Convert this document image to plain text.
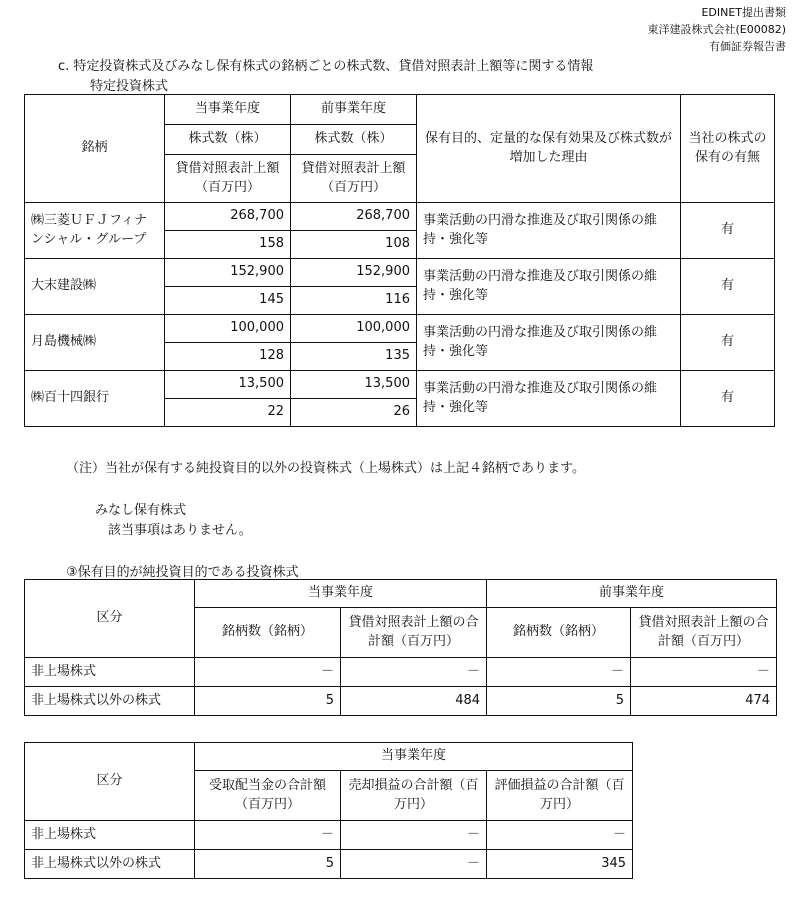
EDINET提出書類
東洋建設株式会社(E00082)
有価証券報告書
c. 特定投資株式及びみなし保有株式の銘柄ごとの株式数、貸借対照表計上額等に関する情報
特定投資株式
銘柄	当事業年度	前事業年度	保有目的、定量的な保有効果及び株式数が増加した理由	当社の株式の保有の有無
	株式数（株）	株式数（株）		
	貸借対照表計上額（百万円）	貸借対照表計上額（百万円）		
㈱三菱ＵＦＪフィナンシャル・グループ	268,700	268,700	事業活動の円滑な推進及び取引関係の維持・強化等	有
	158	108		
大末建設㈱	152,900	152,900	事業活動の円滑な推進及び取引関係の維持・強化等	有
	145	116		
月島機械㈱	100,000	100,000	事業活動の円滑な推進及び取引関係の維持・強化等	有
	128	135		
㈱百十四銀行	13,500	13,500	事業活動の円滑な推進及び取引関係の維持・強化等	有
	22	26		
（注）当社が保有する純投資目的以外の投資株式（上場株式）は上記４銘柄であります。
みなし保有株式
該当事項はありません。
③保有目的が純投資目的である投資株式
区分	当事業年度		前事業年度	
	銘柄数（銘柄）	貸借対照表計上額の合計額（百万円）	銘柄数（銘柄）	貸借対照表計上額の合計額（百万円）
非上場株式	－	－	－	－
非上場株式以外の株式	5	484	5	474
区分	当事業年度		
	受取配当金の合計額（百万円）	売却損益の合計額（百万円）	評価損益の合計額（百万円）
非上場株式	－	－	－
非上場株式以外の株式	5	－	345
